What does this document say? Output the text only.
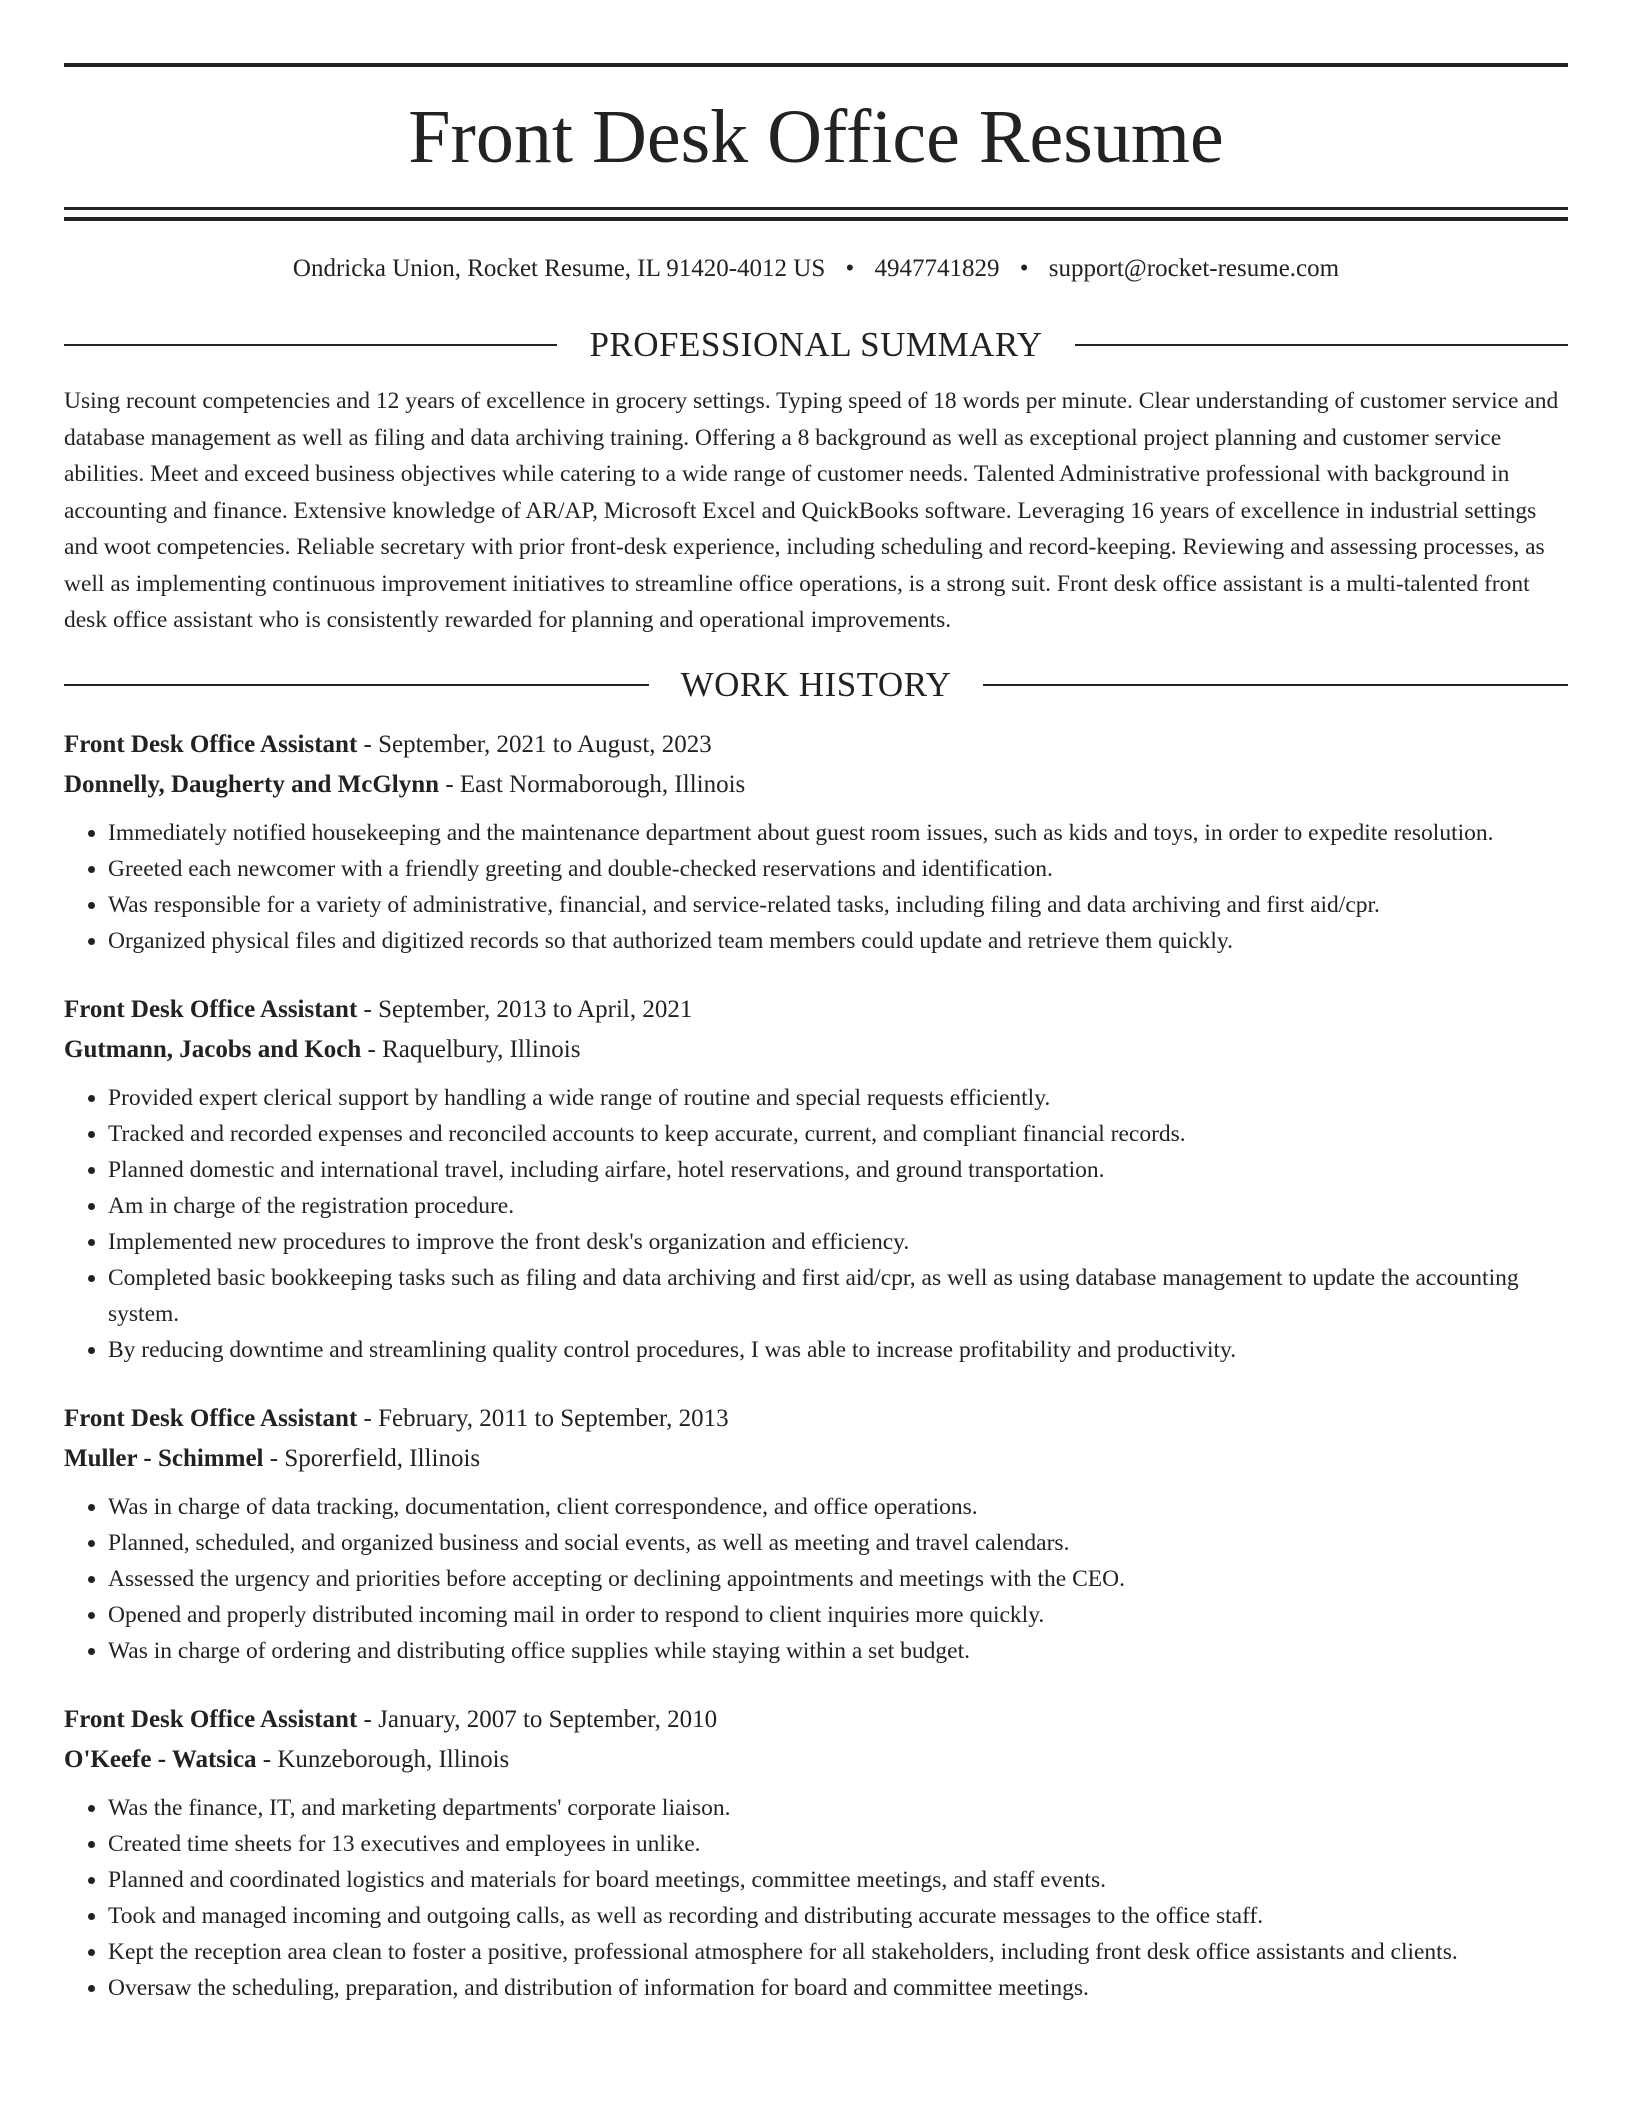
Front Desk Office Resume
Ondricka Union, Rocket Resume, IL 91420-4012 US • 4947741829 • support@rocket-resume.com
PROFESSIONAL SUMMARY

Using recount competencies and 12 years of excellence in grocery settings. Typing speed of 18 words per minute. Clear understanding of customer service and database management as well as filing and data archiving training. Offering a 8 background as well as exceptional project planning and customer service abilities. Meet and exceed business objectives while catering to a wide range of customer needs. Talented Administrative professional with background in accounting and finance. Extensive knowledge of AR/AP, Microsoft Excel and QuickBooks software. Leveraging 16 years of excellence in industrial settings and woot competencies. Reliable secretary with prior front-desk experience, including scheduling and record-keeping. Reviewing and assessing processes, as well as implementing continuous improvement initiatives to streamline office operations, is a strong suit. Front desk office assistant is a multi-talented front desk office assistant who is consistently rewarded for planning and operational improvements.

WORK HISTORY
Front Desk Office Assistant - September, 2021 to August, 2023
Donnelly, Daugherty and McGlynn - East Normaborough, Illinois
• Immediately notified housekeeping and the maintenance department about guest room issues, such as kids and toys, in order to expedite resolution.
• Greeted each newcomer with a friendly greeting and double-checked reservations and identification.
• Was responsible for a variety of administrative, financial, and service-related tasks, including filing and data archiving and first aid/cpr.
• Organized physical files and digitized records so that authorized team members could update and retrieve them quickly.
Front Desk Office Assistant - September, 2013 to April, 2021
Gutmann, Jacobs and Koch - Raquelbury, Illinois
• Provided expert clerical support by handling a wide range of routine and special requests efficiently.
• Tracked and recorded expenses and reconciled accounts to keep accurate, current, and compliant financial records.
• Planned domestic and international travel, including airfare, hotel reservations, and ground transportation.
• Am in charge of the registration procedure.
• Implemented new procedures to improve the front desk's organization and efficiency.
• Completed basic bookkeeping tasks such as filing and data archiving and first aid/cpr, as well as using database management to update the accounting system.
• By reducing downtime and streamlining quality control procedures, I was able to increase profitability and productivity.
Front Desk Office Assistant - February, 2011 to September, 2013
Muller - Schimmel - Sporerfield, Illinois
• Was in charge of data tracking, documentation, client correspondence, and office operations.
• Planned, scheduled, and organized business and social events, as well as meeting and travel calendars.
• Assessed the urgency and priorities before accepting or declining appointments and meetings with the CEO.
• Opened and properly distributed incoming mail in order to respond to client inquiries more quickly.
• Was in charge of ordering and distributing office supplies while staying within a set budget.
Front Desk Office Assistant - January, 2007 to September, 2010
O'Keefe - Watsica - Kunzeborough, Illinois
• Was the finance, IT, and marketing departments' corporate liaison.
• Created time sheets for 13 executives and employees in unlike.
• Planned and coordinated logistics and materials for board meetings, committee meetings, and staff events.
• Took and managed incoming and outgoing calls, as well as recording and distributing accurate messages to the office staff.
• Kept the reception area clean to foster a positive, professional atmosphere for all stakeholders, including front desk office assistants and clients.
• Oversaw the scheduling, preparation, and distribution of information for board and committee meetings.
